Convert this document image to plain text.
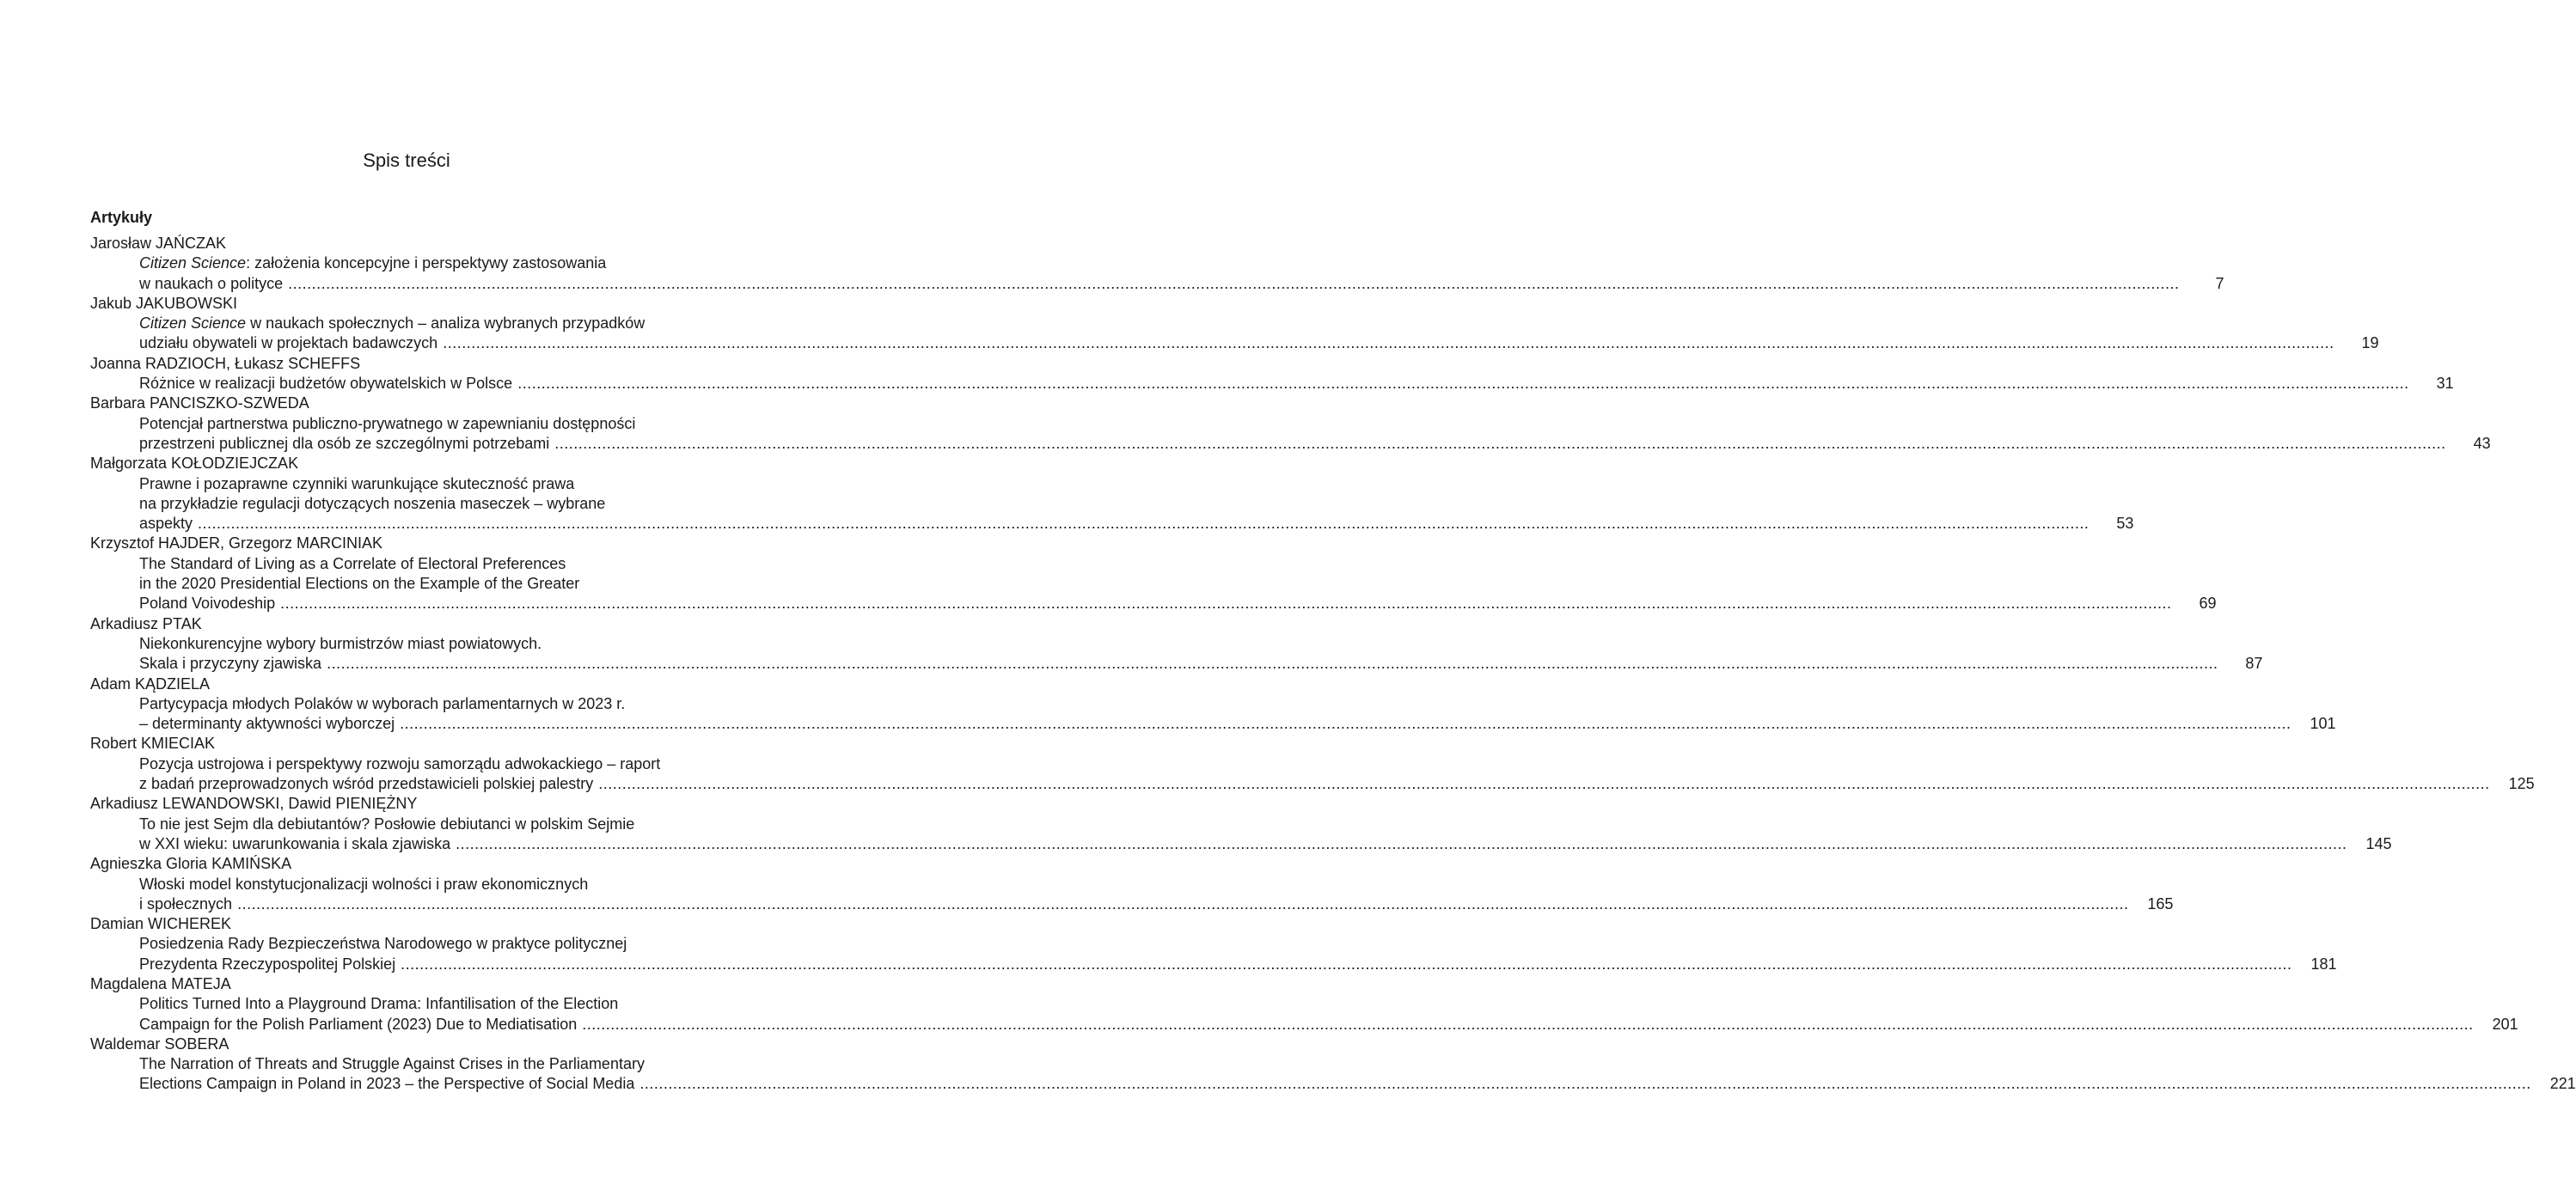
Spis treści
Artykuły
Jarosław JAŃCZAK
Citizen Science: założenia koncepcyjne i perspektywy zastosowania
w naukach o polityce ................................................................................................................................................................................................................................................................................................................................................................................................................	7
Jakub JAKUBOWSKI
Citizen Science w naukach społecznych – analiza wybranych przypadków
udziału obywateli w projektach badawczych ................................................................................................................................................................................................................................................................................................................................................................................................................	19
Joanna RADZIOCH, Łukasz SCHEFFS
Różnice w realizacji budżetów obywatelskich w Polsce ................................................................................................................................................................................................................................................................................................................................................................................................................	31
Barbara PANCISZKO-SZWEDA
Potencjał partnerstwa publiczno-prywatnego w zapewnianiu dostępności
przestrzeni publicznej dla osób ze szczególnymi potrzebami ................................................................................................................................................................................................................................................................................................................................................................................................................	43
Małgorzata KOŁODZIEJCZAK
Prawne i pozaprawne czynniki warunkujące skuteczność prawa
na przykładzie regulacji dotyczących noszenia maseczek – wybrane
aspekty ................................................................................................................................................................................................................................................................................................................................................................................................................	53
Krzysztof HAJDER, Grzegorz MARCINIAK
The Standard of Living as a Correlate of Electoral Preferences
in the 2020 Presidential Elections on the Example of the Greater
Poland Voivodeship ................................................................................................................................................................................................................................................................................................................................................................................................................	69
Arkadiusz PTAK
Niekonkurencyjne wybory burmistrzów miast powiatowych.
Skala i przyczyny zjawiska ................................................................................................................................................................................................................................................................................................................................................................................................................	87
Adam KĄDZIELA
Partycypacja młodych Polaków w wyborach parlamentarnych w 2023 r.
– determinanty aktywności wyborczej ................................................................................................................................................................................................................................................................................................................................................................................................................	101
Robert KMIECIAK
Pozycja ustrojowa i perspektywy rozwoju samorządu adwokackiego – raport
z badań przeprowadzonych wśród przedstawicieli polskiej palestry ................................................................................................................................................................................................................................................................................................................................................................................................................	125
Arkadiusz LEWANDOWSKI, Dawid PIENIĘŻNY
To nie jest Sejm dla debiutantów? Posłowie debiutanci w polskim Sejmie
w XXI wieku: uwarunkowania i skala zjawiska ................................................................................................................................................................................................................................................................................................................................................................................................................	145
Agnieszka Gloria KAMIŃSKA
Włoski model konstytucjonalizacji wolności i praw ekonomicznych
i społecznych ................................................................................................................................................................................................................................................................................................................................................................................................................	165
Damian WICHEREK
Posiedzenia Rady Bezpieczeństwa Narodowego w praktyce politycznej
Prezydenta Rzeczypospolitej Polskiej ................................................................................................................................................................................................................................................................................................................................................................................................................	181
Magdalena MATEJA
Politics Turned Into a Playground Drama: Infantilisation of the Election
Campaign for the Polish Parliament (2023) Due to Mediatisation ................................................................................................................................................................................................................................................................................................................................................................................................................	201
Waldemar SOBERA
The Narration of Threats and Struggle Against Crises in the Parliamentary
Elections Campaign in Poland in 2023 – the Perspective of Social Media ................................................................................................................................................................................................................................................................................................................................................................................................................	221
